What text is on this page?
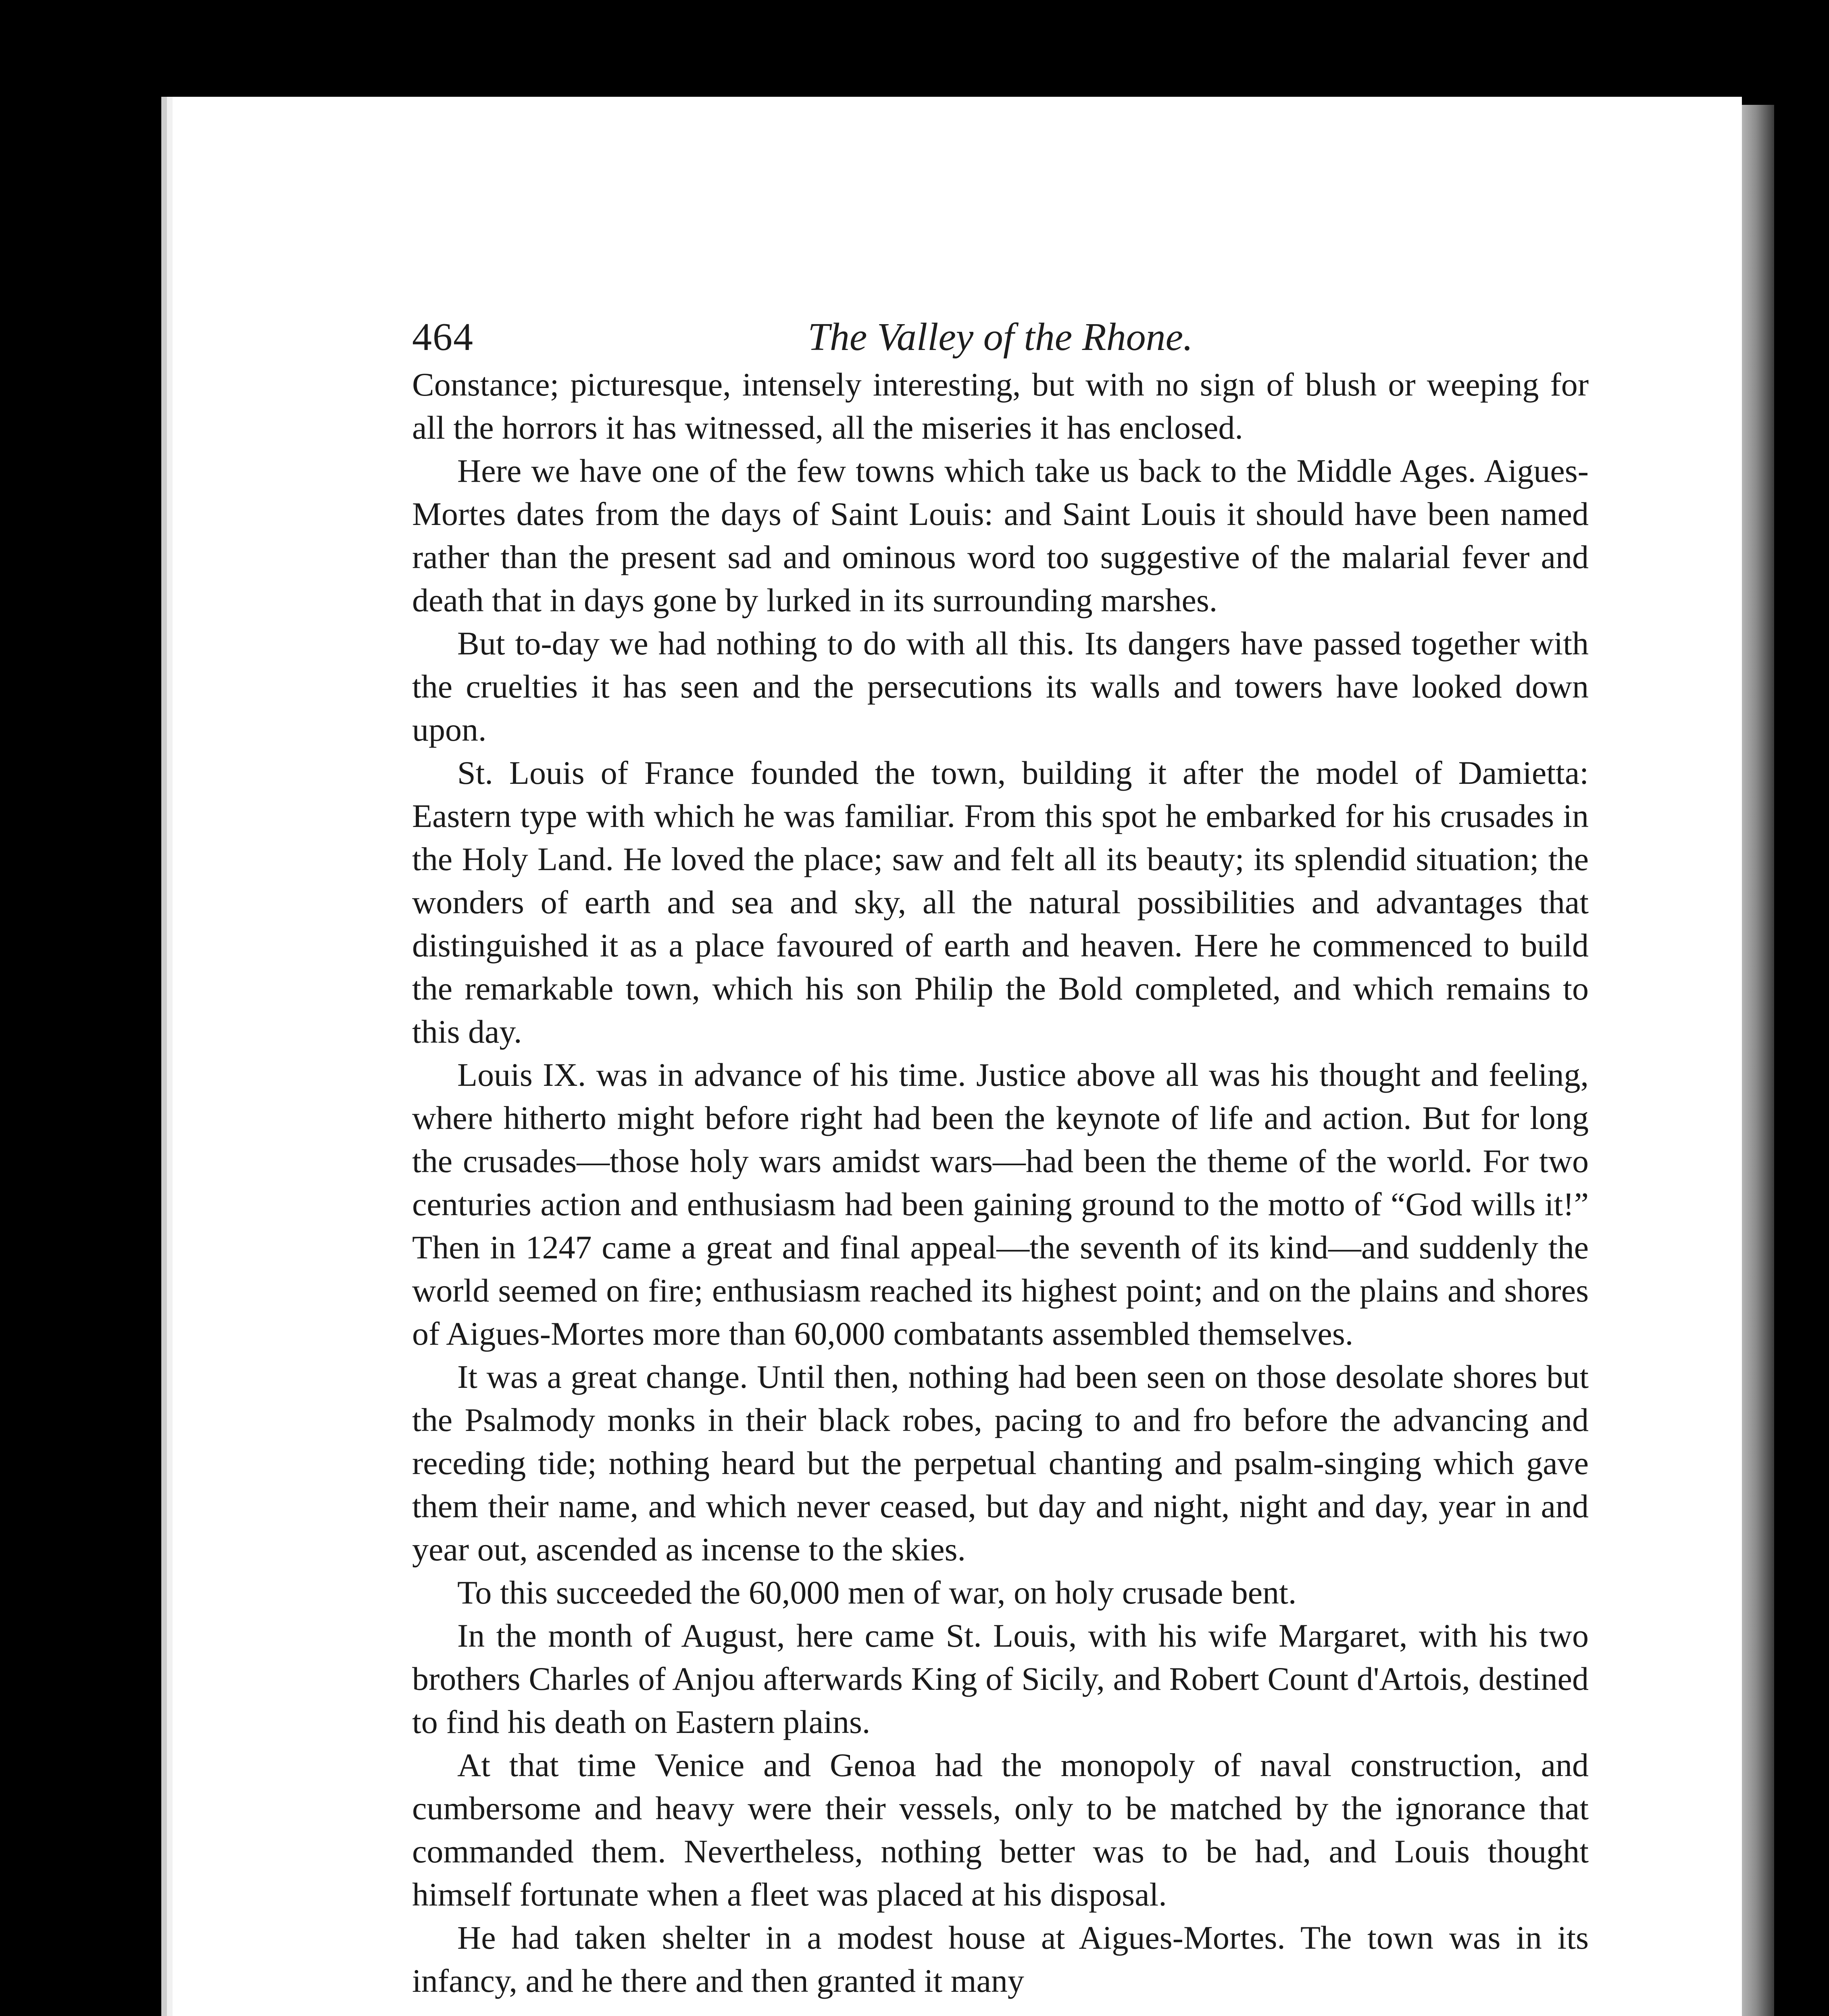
464	The Valley of the Rhone.

Constance; picturesque, intensely interesting, but with no sign of blush or weeping for all the horrors it has witnessed, all the miseries it has enclosed.

Here we have one of the few towns which take us back to the Middle Ages. Aigues-Mortes dates from the days of Saint Louis: and Saint Louis it should have been named rather than the present sad and ominous word too suggestive of the malarial fever and death that in days gone by lurked in its surrounding marshes.

But to-day we had nothing to do with all this. Its dangers have passed together with the cruelties it has seen and the persecutions its walls and towers have looked down upon.

St. Louis of France founded the town, building it after the model of Damietta: Eastern type with which he was familiar. From this spot he embarked for his crusades in the Holy Land. He loved the place; saw and felt all its beauty; its splendid situation; the wonders of earth and sea and sky, all the natural possibilities and advantages that distinguished it as a place favoured of earth and heaven. Here he commenced to build the remarkable town, which his son Philip the Bold completed, and which remains to this day.

Louis IX. was in advance of his time. Justice above all was his thought and feeling, where hitherto might before right had been the keynote of life and action. But for long the crusades—those holy wars amidst wars—had been the theme of the world. For two centuries action and enthusiasm had been gaining ground to the motto of “God wills it!” Then in 1247 came a great and final appeal—the seventh of its kind—and suddenly the world seemed on fire; enthusiasm reached its highest point; and on the plains and shores of Aigues-Mortes more than 60,000 combatants assembled themselves.

It was a great change. Until then, nothing had been seen on those desolate shores but the Psalmody monks in their black robes, pacing to and fro before the advancing and receding tide; nothing heard but the perpetual chanting and psalm-singing which gave them their name, and which never ceased, but day and night, night and day, year in and year out, ascended as incense to the skies.

To this succeeded the 60,000 men of war, on holy crusade bent.

In the month of August, here came St. Louis, with his wife Margaret, with his two brothers Charles of Anjou afterwards King of Sicily, and Robert Count d'Artois, destined to find his death on Eastern plains.

At that time Venice and Genoa had the monopoly of naval construction, and cumbersome and heavy were their vessels, only to be matched by the ignorance that commanded them. Nevertheless, nothing better was to be had, and Louis thought himself fortunate when a fleet was placed at his disposal.

He had taken shelter in a modest house at Aigues-Mortes. The town was in its infancy, and he there and then granted it many
